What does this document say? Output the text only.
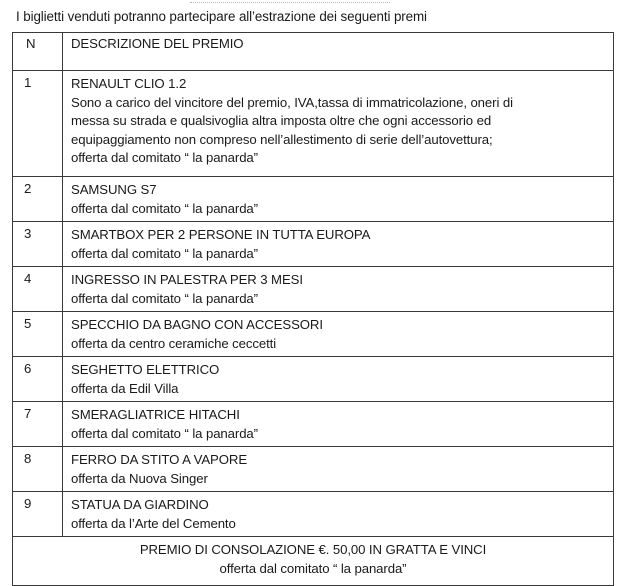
I biglietti venduti potranno partecipare all’estrazione dei seguenti premi
N	DESCRIZIONE DEL PREMIO
1	RENAULT CLIO 1.2
Sono a carico del vincitore del premio, IVA,tassa di immatricolazione, oneri di
messa su strada e qualsivoglia altra imposta oltre che ogni accessorio ed
equipaggiamento non compreso nell’allestimento di serie dell’autovettura;
offerta dal comitato “ la panarda”

2	SAMSUNG S7
offerta dal comitato “ la panarda”

3	SMARTBOX PER 2 PERSONE IN TUTTA EUROPA
offerta dal comitato “ la panarda”

4	INGRESSO IN PALESTRA PER 3 MESI
offerta dal comitato “ la panarda”

5	SPECCHIO DA BAGNO CON ACCESSORI
offerta da centro ceramiche ceccetti

6	SEGHETTO ELETTRICO
offerta da Edil Villa

7	SMERAGLIATRICE HITACHI
offerta dal comitato “ la panarda”

8	FERRO DA STITO A VAPORE
offerta da Nuova Singer

9	STATUA DA GIARDINO
offerta da l’Arte del Cemento

PREMIO DI CONSOLAZIONE €. 50,00 IN GRATTA E VINCI
offerta dal comitato “ la panarda”	
